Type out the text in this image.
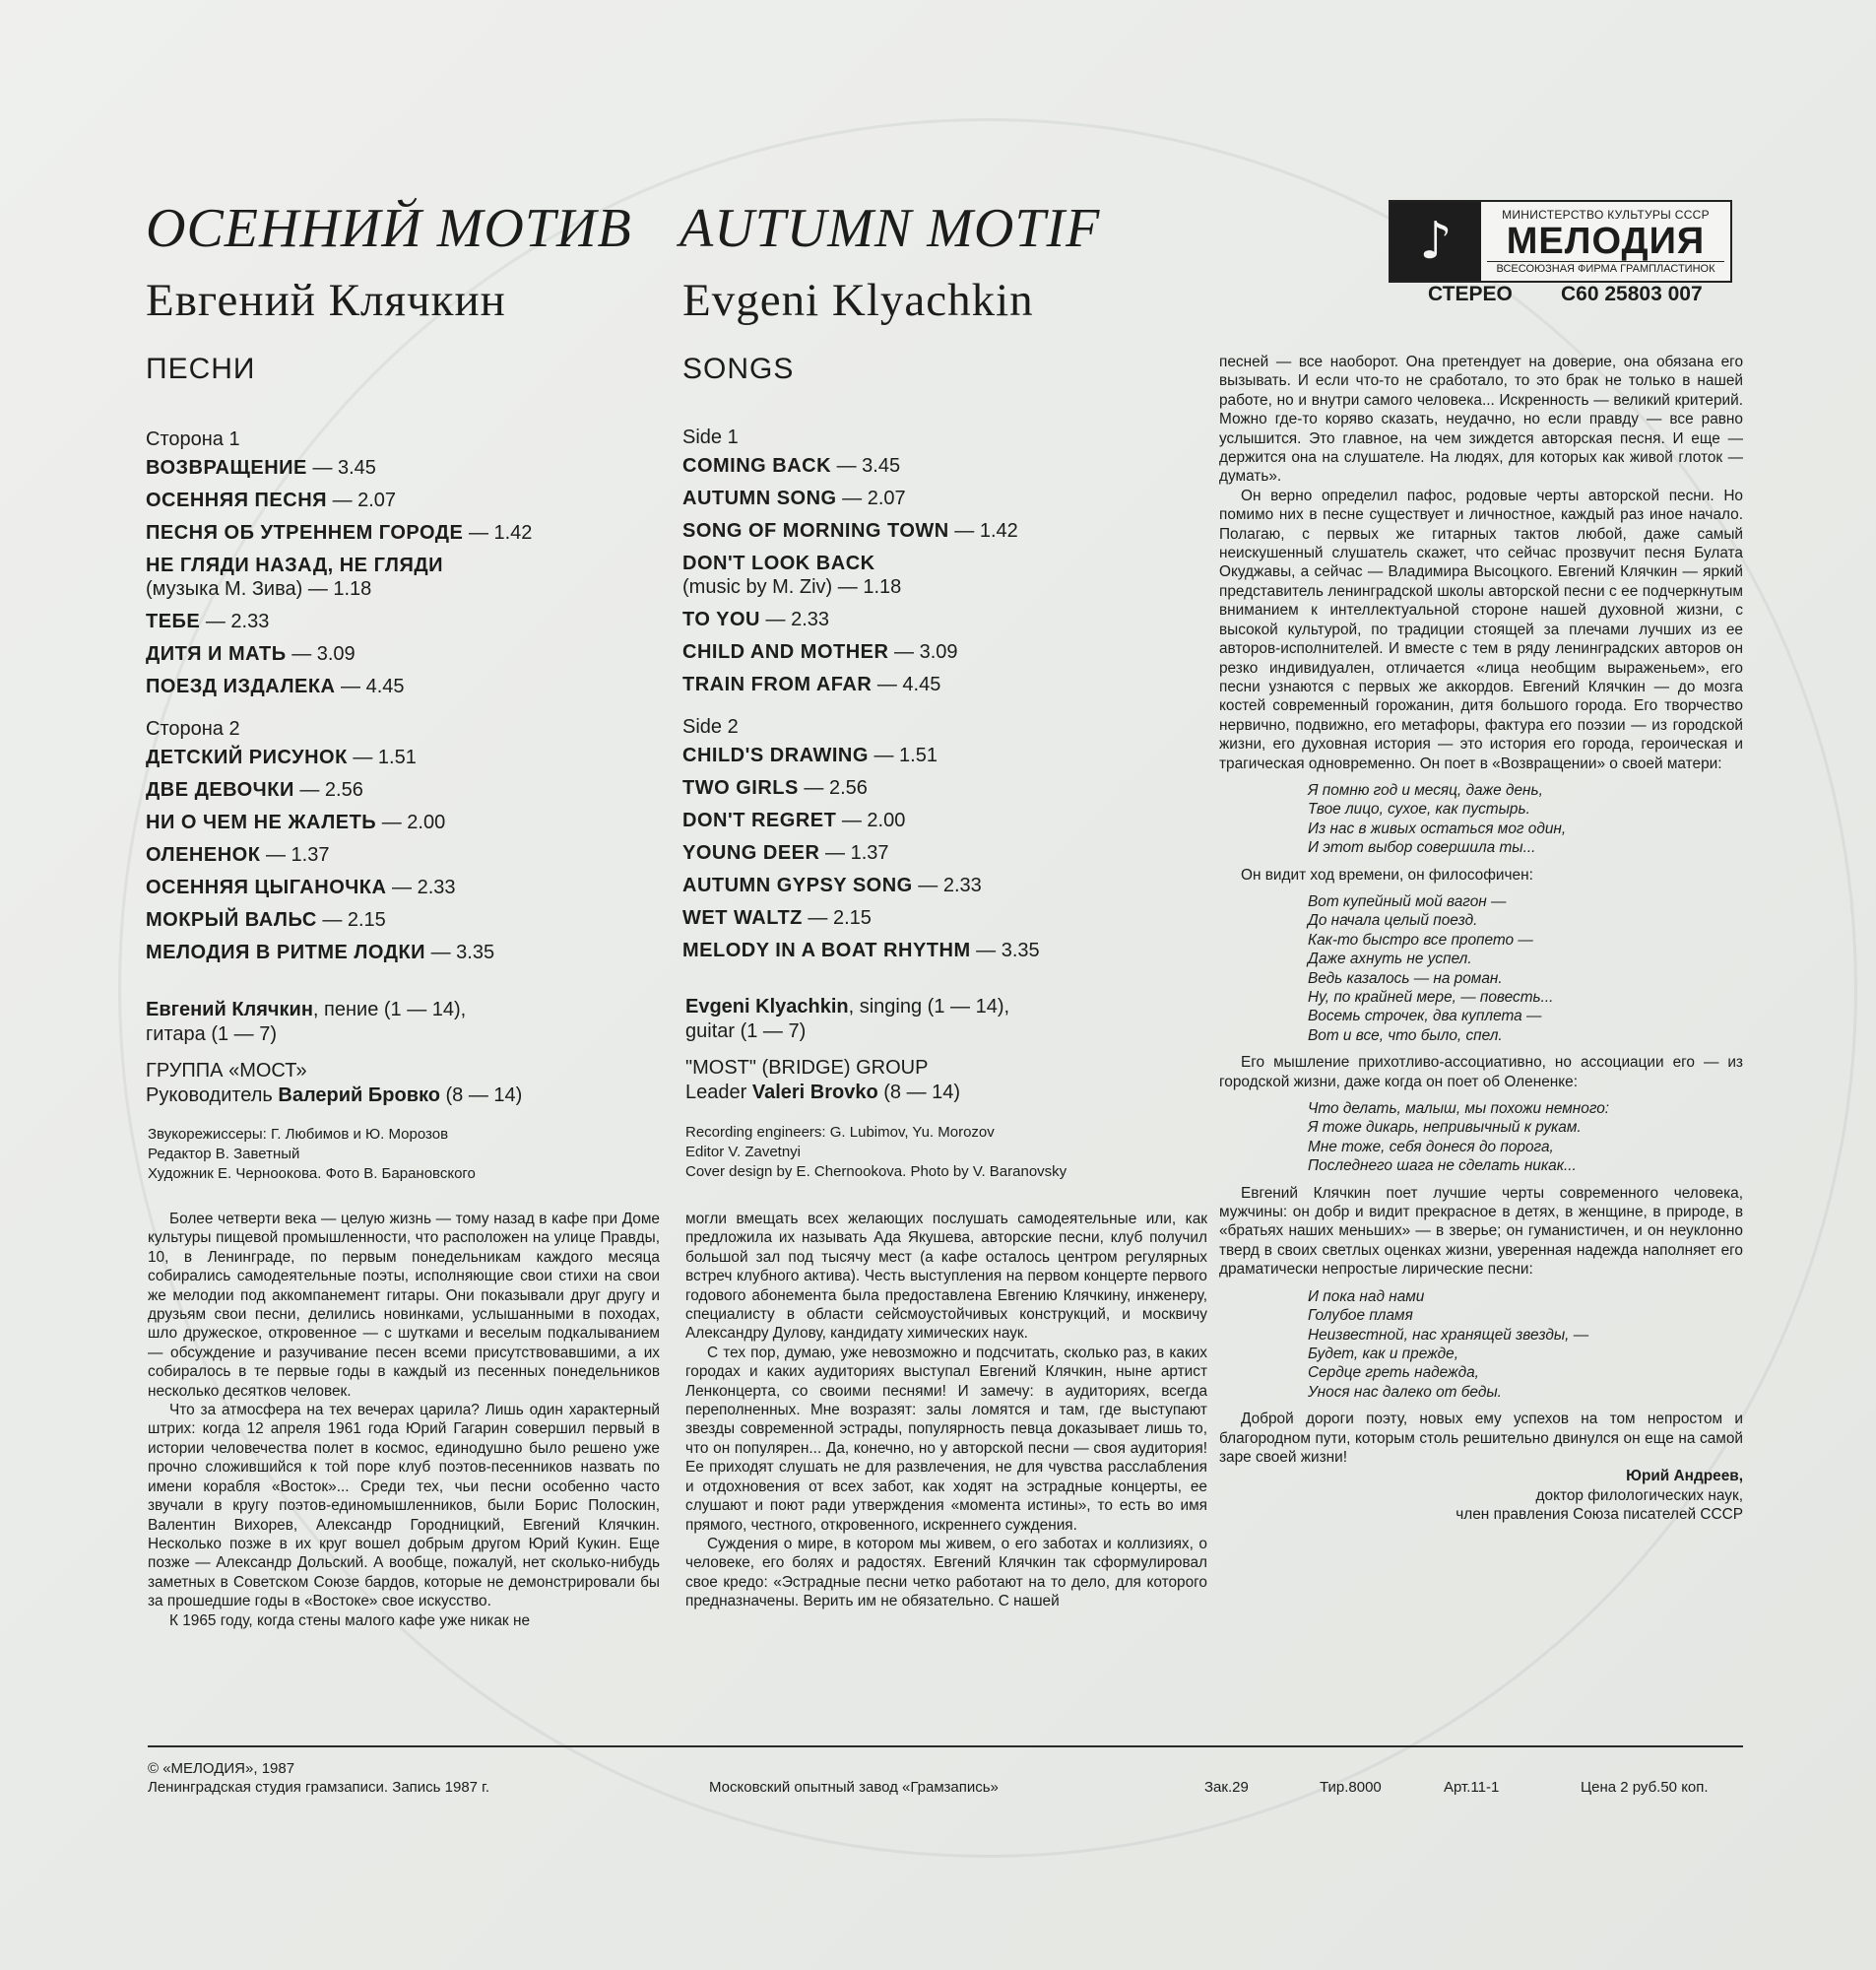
ОСЕННИЙ МОТИВ AUTUMN MOTIF
Евгений Клячкин	Evgeni Klyachkin
ПЕСНИ	SONGS
♪	МИНИСТЕРСТВО КУЛЬТУРЫ СССР
МЕЛОДИЯ
ВСЕСОЮЗНАЯ ФИРМА ГРАМПЛАСТИНОК
СТЕРЕО С60 25803 007
Сторона 1
ВОЗВРАЩЕНИЕ — 3.45
ОСЕННЯЯ ПЕСНЯ — 2.07
ПЕСНЯ ОБ УТРЕННЕМ ГОРОДЕ — 1.42
НЕ ГЛЯДИ НАЗАД, НЕ ГЛЯДИ
(музыка М. Зива) — 1.18
ТЕБЕ — 2.33
ДИТЯ И МАТЬ — 3.09
ПОЕЗД ИЗДАЛЕКА — 4.45
Сторона 2
ДЕТСКИЙ РИСУНОК — 1.51
ДВЕ ДЕВОЧКИ — 2.56
НИ О ЧЕМ НЕ ЖАЛЕТЬ — 2.00
ОЛЕНЕНОК — 1.37
ОСЕННЯЯ ЦЫГАНОЧКА — 2.33
МОКРЫЙ ВАЛЬС — 2.15
МЕЛОДИЯ В РИТМЕ ЛОДКИ — 3.35
Side 1
COMING BACK — 3.45
AUTUMN SONG — 2.07
SONG OF MORNING TOWN — 1.42
DON'T LOOK BACK
(music by M. Ziv) — 1.18
TO YOU — 2.33
CHILD AND MOTHER — 3.09
TRAIN FROM AFAR — 4.45
Side 2
CHILD'S DRAWING — 1.51
TWO GIRLS — 2.56
DON'T REGRET — 2.00
YOUNG DEER — 1.37
AUTUMN GYPSY SONG — 2.33
WET WALTZ — 2.15
MELODY IN A BOAT RHYTHM — 3.35

Евгений Клячкин, пение (1 — 14),
гитара (1 — 7)

ГРУППА «МОСТ»
Руководитель Валерий Бровко (8 — 14)

Evgeni Klyachkin, singing (1 — 14),
guitar (1 — 7)

"MOST" (BRIDGE) GROUP
Leader Valeri Brovko (8 — 14)

Звукорежиссеры: Г. Любимов и Ю. Морозов
Редактор В. Заветный
Художник Е. Черноокова. Фото В. Барановского
Recording engineers: G. Lubimov, Yu. Morozov
Editor V. Zavetnyi
Cover design by E. Chernookova. Photo by V. Baranovsky

Более четверти века — целую жизнь — тому назад в кафе при Доме культуры пищевой промышленности, что расположен на улице Правды, 10, в Ленинграде, по первым понедельникам каждого месяца собирались самодеятельные поэты, исполняющие свои стихи на свои же мелодии под аккомпанемент гитары. Они показывали друг другу и друзьям свои песни, делились новинками, услышанными в походах, шло дружеское, откровенное — с шутками и веселым подкалыванием — обсуждение и разучивание песен всеми присутствовавшими, а их собиралось в те первые годы в каждый из песенных понедельников несколько десятков человек.

Что за атмосфера на тех вечерах царила? Лишь один характерный штрих: когда 12 апреля 1961 года Юрий Гагарин совершил первый в истории человечества полет в космос, единодушно было решено уже прочно сложившийся к той поре клуб поэтов-песенников назвать по имени корабля «Восток»... Среди тех, чьи песни особенно часто звучали в кругу поэтов-единомышленников, были Борис Полоскин, Валентин Вихорев, Александр Городницкий, Евгений Клячкин. Несколько позже в их круг вошел добрым другом Юрий Кукин. Еще позже — Александр Дольский. А вообще, пожалуй, нет сколько-нибудь заметных в Советском Союзе бардов, которые не демонстрировали бы за прошедшие годы в «Востоке» свое искусство.

К 1965 году, когда стены малого кафе уже никак не

могли вмещать всех желающих послушать самодеятельные или, как предложила их называть Ада Якушева, авторские песни, клуб получил большой зал под тысячу мест (а кафе осталось центром регулярных встреч клубного актива). Честь выступления на первом концерте первого годового абонемента была предоставлена Евгению Клячкину, инженеру, специалисту в области сейсмоустойчивых конструкций, и москвичу Александру Дулову, кандидату химических наук.

С тех пор, думаю, уже невозможно и подсчитать, сколько раз, в каких городах и каких аудиториях выступал Евгений Клячкин, ныне артист Ленконцерта, со своими песнями! И замечу: в аудиториях, всегда переполненных. Мне возразят: залы ломятся и там, где выступают звезды современной эстрады, популярность певца доказывает лишь то, что он популярен... Да, конечно, но у авторской песни — своя аудитория! Ее приходят слушать не для развлечения, не для чувства расслабления и отдохновения от всех забот, как ходят на эстрадные концерты, ее слушают и поют ради утверждения «момента истины», то есть во имя прямого, честного, откровенного, искреннего суждения.

Суждения о мире, в котором мы живем, о его заботах и коллизиях, о человеке, его болях и радостях. Евгений Клячкин так сформулировал свое кредо: «Эстрадные песни четко работают на то дело, для которого предназначены. Верить им не обязательно. С нашей

песней — все наоборот. Она претендует на доверие, она обязана его вызывать. И если что-то не сработало, то это брак не только в нашей работе, но и внутри самого человека... Искренность — великий критерий. Можно где-то коряво сказать, неудачно, но если правду — все равно услышится. Это главное, на чем зиждется авторская песня. И еще — держится она на слушателе. На людях, для которых как живой глоток — думать».

Он верно определил пафос, родовые черты авторской песни. Но помимо них в песне существует и личностное, каждый раз иное начало. Полагаю, с первых же гитарных тактов любой, даже самый неискушенный слушатель скажет, что сейчас прозвучит песня Булата Окуджавы, а сейчас — Владимира Высоцкого. Евгений Клячкин — яркий представитель ленинградской школы авторской песни с ее подчеркнутым вниманием к интеллектуальной стороне нашей духовной жизни, с высокой культурой, по традиции стоящей за плечами лучших из ее авторов-исполнителей. И вместе с тем в ряду ленинградских авторов он резко индивидуален, отличается «лица необщим выраженьем», его песни узнаются с первых же аккордов. Евгений Клячкин — до мозга костей современный горожанин, дитя большого города. Его творчество нервично, подвижно, его метафоры, фактура его поэзии — из городской жизни, его духовная история — это история его города, героическая и трагическая одновременно. Он поет в «Возвращении» о своей матери:

Я помню год и месяц, даже день,
Твое лицо, сухое, как пустырь.
Из нас в живых остаться мог один,
И этот выбор совершила ты...

Он видит ход времени, он философичен:

Вот купейный мой вагон —
До начала целый поезд.
Как-то быстро все пропето —
Даже ахнуть не успел.
Ведь казалось — на роман.
Ну, по крайней мере, — повесть...
Восемь строчек, два куплета —
Вот и все, что было, спел.

Его мышление прихотливо-ассоциативно, но ассоциации его — из городской жизни, даже когда он поет об Олененке:

Что делать, малыш, мы похожи немного:
Я тоже дикарь, непривычный к рукам.
Мне тоже, себя донеся до порога,
Последнего шага не сделать никак...

Евгений Клячкин поет лучшие черты современного человека, мужчины: он добр и видит прекрасное в детях, в женщине, в природе, в «братьях наших меньших» — в зверье; он гуманистичен, и он неуклонно тверд в своих светлых оценках жизни, уверенная надежда наполняет его драматически непростые лирические песни:

И пока над нами
Голубое пламя
Неизвестной, нас хранящей звезды, —
Будет, как и прежде,
Сердце греть надежда,
Унося нас далеко от беды.

Доброй дороги поэту, новых ему успехов на том непростом и благородном пути, которым столь решительно двинулся он еще на самой заре своей жизни!

Юрий Андреев,
доктор филологических наук,
член правления Союза писателей СССР
© «МЕЛОДИЯ», 1987
Ленинградская студия грамзаписи. Запись 1987 г.	Московский опытный завод «Грамзапись»	Зак.29	Тир.8000	Арт.11-1	Цена 2 руб.50 коп.
